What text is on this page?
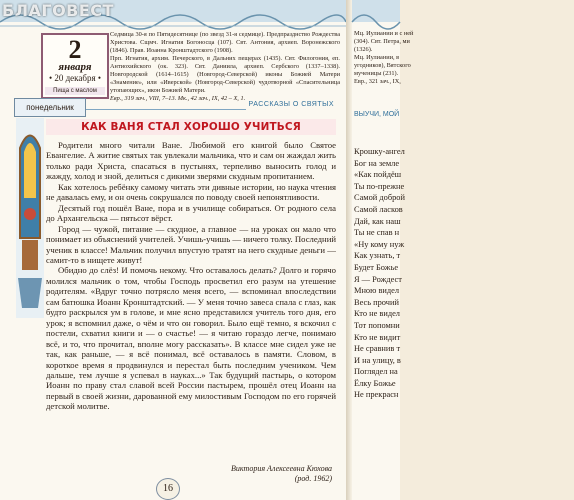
БЛАГОВЕСТ
2
января
• 20 декабря •
Пища с маслом

Седмица 30-я по Пятидесятнице (по звезд 31-я седмице). Предпразднство Рождества Христова. Сщмч. Игнатия Богоносца (107). Свт. Антония, архиеп. Воронежского (1846). Прав. Иоанна Кронштадтского (1908).

Прп. Игнатия, архим. Печерского, в Дальних пещерах (1435). Свт. Филогония, еп. Антиохийского (ок. 323). Свт. Даниила, архиеп. Сербского (1337–1338). Новгородской (1614–1615) (Новгород-Северской) иконы Божией Матери «Знамение», или «Иверской» (Новгород-Северской) чудотворной «Спасительница утопающих», икон Божией Матери.

Евр., 319 зач., VIII, 7–13. Мк., 42 зач., IX, 42 – X, 1.

понедельник	РАССКАЗЫ О СВЯТЫХ
КАК ВАНЯ СТАЛ ХОРОШО УЧИТЬСЯ

Родители много читали Ване. Любимой его книгой было Святое Евангелие. А житие святых так увлекали мальчика, что и сам он жаждал жить только ради Христа, спасаться в пустынях, терпеливо выносить голод и жажду, холод и зной, делиться с дикими зверями скудным пропитанием.

Как хотелось ребёнку самому читать эти дивные истории, но наука чтения не давалась ему, и он очень сокрушался по поводу своей непонятливости.

Десятый год пошёл Ване, пора и в училище собираться. От родного села до Архангельска — пятьсот вёрст.

Город — чужой, питание — скудное, а главное — на уроках он мало что понимает из объяснений учителей. Учишь-учишь — ничего толку. Последний ученик в классе! Мальчик получил впустую тратят на него скудные деньги — самит-то в нищете живут!

Обидно до слёз! И помочь некому. Что оставалось делать? Долго и горячо молился мальчик о том, чтобы Господь просветил его разум на утешение родителям. «Вдруг точно потрясло меня всего, — вспоминал впоследствии сам батюшка Иоанн Кронштадтский. — У меня точно завеса спала с глаз, как будто раскрылся ум в голове, и мне ясно представился учитель того дня, его урок; я вспомнил даже, о чём и что он говорил. Было ещё темно, я вскочил с постели, схватил книги и — о счастье! — я читаю гораздо легче, понимаю всё, и то, что прочитал, вполне могу рассказать». В классе мне сидел уже не так, как раньше, — я всё понимал, всё оставалось в памяти. Словом, в короткое время я продвинулся и перестал быть последним учеником. Чем дальше, тем лучше я успевал в науках...» Так будущий пастырь, о котором Иоанн по праву стал славой всей России пастырем, прошёл отец Иоанн на первый в своей жизни, дарованной ему милостивым Господом по его горячей детской молитве.

Виктория Алексеевна Кюхова
(род. 1962)
16

Мц. Иулиании и с ней

(304). Свт. Петра, ми

(1326).

Мц. Иулиании, в

угодников), Вятского

мученицы (231).

Евр., 321 зач., IX,

ВЫУЧИ, МОЙ
Крошку-ангел
Бог на земле
«Как пойдёш
Ты по-прежне
Самой доброй
Самой ласков
Дай, как наш
Ты не спав н
«Ну кому нуж
Как узнать, т
Будет Божье
Я — Рождест
Мною видел
Весь прочий
Кто не видел
Тот попомни
Кто не видит
Не сравнив т
И на улицу, в
Поглядел на
Ёлку Божье
Не прекрасн
